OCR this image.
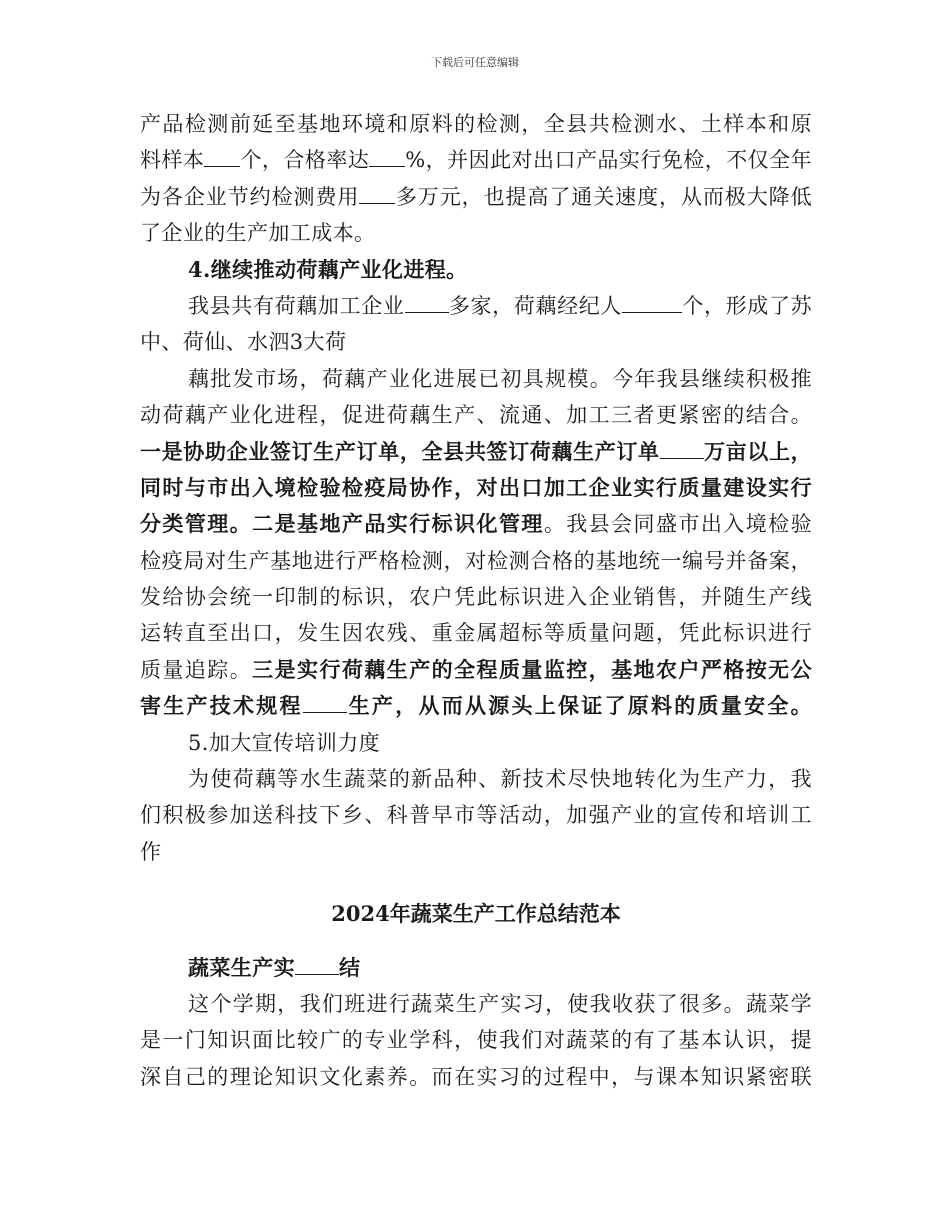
下载后可任意编辑
产品检测前延至基地环境和原料的检测，全县共检测水、土样本和原
料样本 个，合格率达 %，并因此对出口产品实行免检，不仅全年
为各企业节约检测费用 多万元，也提高了通关速度，从而极大降低
了企业的生产加工成本。
4.继续推动荷藕产业化进程。
我县共有荷藕加工企业 多家，荷藕经纪人	个，形成了苏
中、荷仙、水泗3大荷
藕批发市场，荷藕产业化进展已初具规模。今年我县继续积极推
动荷藕产业化进程，促进荷藕生产、流通、加工三者更紧密的结合。
一是协助企业签订生产订单，全县共签订荷藕生产订单 万亩以上，
同时与市出入境检验检疫局协作，对出口加工企业实行质量建设实行
分类管理。二是基地产品实行标识化管理。我县会同盛市出入境检验
检疫局对生产基地进行严格检测，对检测合格的基地统一编号并备案，
发给协会统一印制的标识，农户凭此标识进入企业销售，并随生产线
运转直至出口，发生因农残、重金属超标等质量问题，凭此标识进行
质量追踪。三是实行荷藕生产的全程质量监控，基地农户严格按无公
害生产技术规程 生产，从而从源头上保证了原料的质量安全。
5.加大宣传培训力度
为使荷藕等水生蔬菜的新品种、新技术尽快地转化为生产力，我
们积极参加送科技下乡、科普早市等活动，加强产业的宣传和培训工
作
2024年蔬菜生产工作总结范本
蔬菜生产实 结
这个学期，我们班进行蔬菜生产实习，使我收获了很多。蔬菜学
是一门知识面比较广的专业学科，使我们对蔬菜的有了基本认识，提
深自己的理论知识文化素养。而在实习的过程中，与课本知识紧密联
